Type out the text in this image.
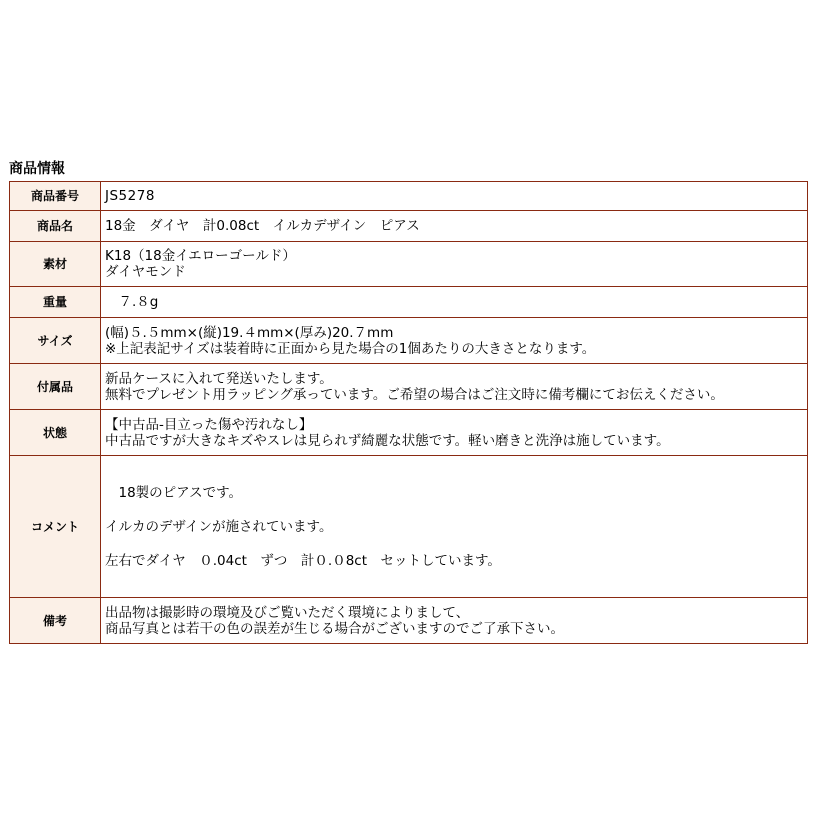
商品情報
商品番号	JS5278
商品名	18金　ダイヤ　計0.08ct　イルカデザイン　ピアス
素材	K18（18金イエローゴールド）
ダイヤモンド

重量	　７.８g
サイズ	(幅)５.５mm×(縦)19.４mm×(厚み)20.７mm
※上記表記サイズは装着時に正面から見た場合の1個あたりの大きさとなります。

付属品	新品ケースに入れて発送いたします。
無料でプレゼント用ラッピング承っています。ご希望の場合はご注文時に備考欄にてお伝えください。

状態	【中古品-目立った傷や汚れなし】
中古品ですが大きなキズやスレは見られず綺麗な状態です。軽い磨きと洗浄は施しています。

コメント	　18製のピアスです。
イルカのデザインが施されています。
左右でダイヤ　０.04ct　ずつ　計０.０8ct　セットしています。

備考	出品物は撮影時の環境及びご覧いただく環境によりまして、
商品写真とは若干の色の誤差が生じる場合がございますのでご了承下さい。
